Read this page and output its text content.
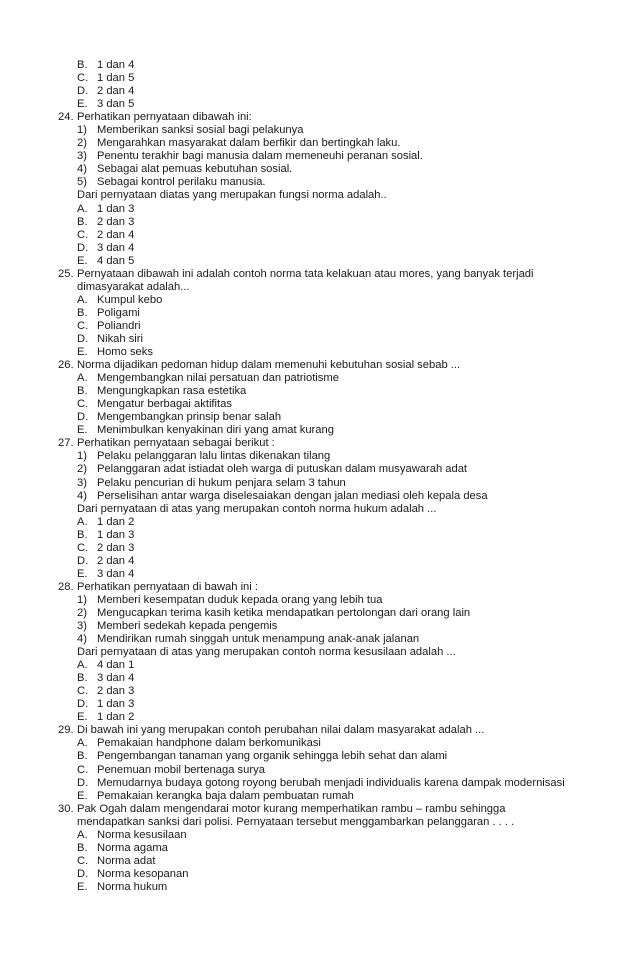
B. 1 dan 4
C. 1 dan 5
D. 2 dan 4
E. 3 dan 5
24. Perhatikan pernyataan dibawah ini:
1) Memberikan sanksi sosial bagi pelakunya
2) Mengarahkan masyarakat dalam berfikir dan bertingkah laku.
3) Penentu terakhir bagi manusia dalam memeneuhi peranan sosial.
4) Sebagai alat pemuas kebutuhan sosial.
5) Sebagai kontrol perilaku manusia.
Dari pernyataan diatas yang merupakan fungsi norma adalah..
A. 1 dan 3
B. 2 dan 3
C. 2 dan 4
D. 3 dan 4
E. 4 dan 5
25. Pernyataan dibawah ini adalah contoh norma tata kelakuan atau mores, yang banyak terjadi
dimasyarakat adalah...
A. Kumpul kebo
B. Poligami
C. Poliandri
D. Nikah siri
E. Homo seks
26. Norma dijadikan pedoman hidup dalam memenuhi kebutuhan sosial sebab ...
A. Mengembangkan nilai persatuan dan patriotisme
B. Mengungkapkan rasa estetika
C. Mengatur berbagai aktifitas
D. Mengembangkan prinsip benar salah
E. Menimbulkan kenyakinan diri yang amat kurang
27. Perhatikan pernyataan sebagai berikut :
1) Pelaku pelanggaran lalu lintas dikenakan tilang
2) Pelanggaran adat istiadat oleh warga di putuskan dalam musyawarah adat
3) Pelaku pencurian di hukum penjara selam 3 tahun
4) Perselisihan antar warga diselesaiakan dengan jalan mediasi oleh kepala desa
Dari pernyataan di atas yang merupakan contoh norma hukum adalah ...
A. 1 dan 2
B. 1 dan 3
C. 2 dan 3
D. 2 dan 4
E. 3 dan 4
28. Perhatikan pernyataan di bawah ini :
1) Memberi kesempatan duduk kepada orang yang lebih tua
2) Mengucapkan terima kasih ketika mendapatkan pertolongan dari orang lain
3) Memberi sedekah kepada pengemis
4) Mendirikan rumah singgah untuk menampung anak-anak jalanan
Dari pernyataan di atas yang merupakan contoh norma kesusilaan adalah ...
A. 4 dan 1
B. 3 dan 4
C. 2 dan 3
D. 1 dan 3
E. 1 dan 2
29. Di bawah ini yang merupakan contoh perubahan nilai dalam masyarakat adalah ...
A. Pemakaian handphone dalam berkomunikasi
B. Pengembangan tanaman yang organik sehingga lebih sehat dan alami
C. Penemuan mobil bertenaga surya
D. Memudarnya budaya gotong royong berubah menjadi individualis karena dampak modernisasi
E. Pemakaian kerangka baja dalam pembuatan rumah
30. Pak Ogah dalam mengendarai motor kurang memperhatikan rambu – rambu sehingga
mendapatkan sanksi dari polisi. Pernyataan tersebut menggambarkan pelanggaran . . . .
A. Norma kesusilaan
B. Norma agama
C. Norma adat
D. Norma kesopanan
E. Norma hukum
